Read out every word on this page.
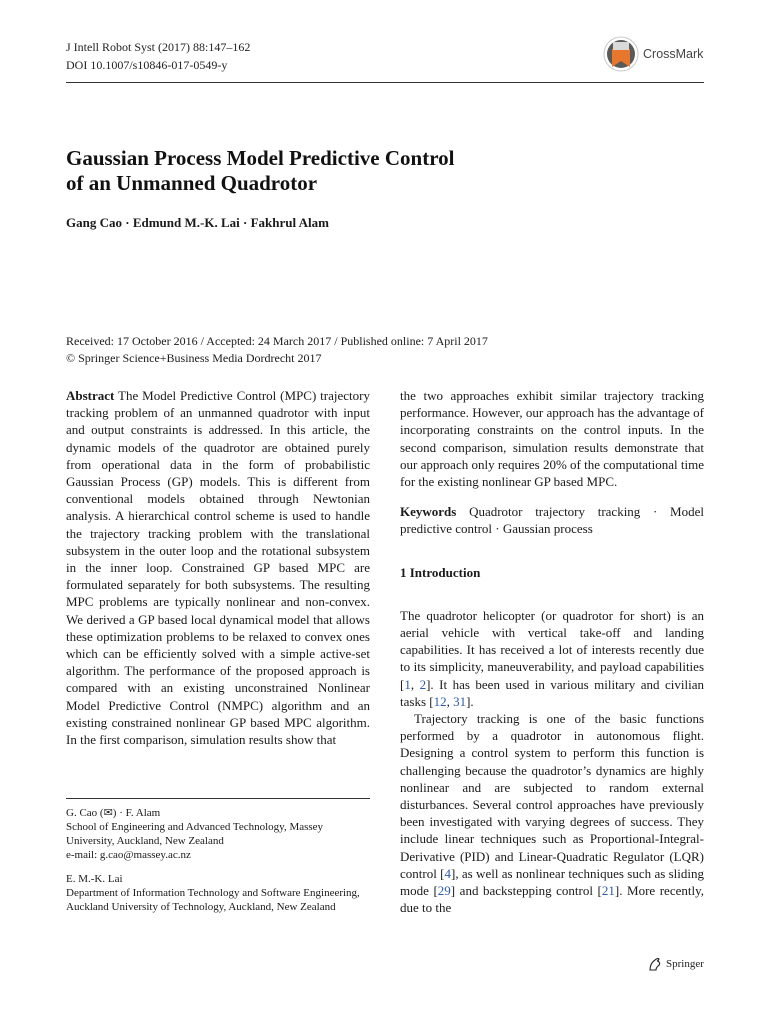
J Intell Robot Syst (2017) 88:147–162
DOI 10.1007/s10846-017-0549-y
CrossMark
Gaussian Process Model Predictive Control
of an Unmanned Quadrotor
Gang Cao · Edmund M.-K. Lai · Fakhrul Alam
Received: 17 October 2016 / Accepted: 24 March 2017 / Published online: 7 April 2017
© Springer Science+Business Media Dordrecht 2017

Abstract The Model Predictive Control (MPC) trajectory tracking problem of an unmanned quadrotor with input and output constraints is addressed. In this article, the dynamic models of the quadrotor are obtained purely from operational data in the form of probabilistic Gaussian Process (GP) models. This is different from conventional models obtained through Newtonian analysis. A hierarchical control scheme is used to handle the trajectory tracking problem with the translational subsystem in the outer loop and the rotational subsystem in the inner loop. Constrained GP based MPC are formulated separately for both subsystems. The resulting MPC problems are typically nonlinear and non-convex. We derived a GP based local dynamical model that allows these optimization problems to be relaxed to convex ones which can be efficiently solved with a simple active-set algorithm. The performance of the proposed approach is compared with an existing unconstrained Nonlinear Model Predictive Control (NMPC) algorithm and an existing constrained nonlinear GP based MPC algorithm. In the first comparison, simulation results show that

the two approaches exhibit similar trajectory tracking performance. However, our approach has the advantage of incorporating constraints on the control inputs. In the second comparison, simulation results demonstrate that our approach only requires 20% of the computational time for the existing nonlinear GP based MPC.

Keywords Quadrotor trajectory tracking · Model predictive control · Gaussian process

1 Introduction

The quadrotor helicopter (or quadrotor for short) is an aerial vehicle with vertical take-off and landing capabilities. It has received a lot of interests recently due to its simplicity, maneuverability, and payload capabilities [1, 2]. It has been used in various military and civilian tasks [12, 31].

Trajectory tracking is one of the basic functions performed by a quadrotor in autonomous flight. Designing a control system to perform this function is challenging because the quadrotor’s dynamics are highly nonlinear and are subjected to random external disturbances. Several control approaches have previously been investigated with varying degrees of success. They include linear techniques such as Proportional-Integral-Derivative (PID) and Linear-Quadratic Regulator (LQR) control [4], as well as nonlinear techniques such as sliding mode [29] and backstepping control [21]. More recently, due to the

G. Cao (✉) · F. Alam

School of Engineering and Advanced Technology, Massey University, Auckland, New Zealand

e-mail: g.cao@massey.ac.nz

E. M.-K. Lai

Department of Information Technology and Software Engineering, Auckland University of Technology, Auckland, New Zealand

Springer
